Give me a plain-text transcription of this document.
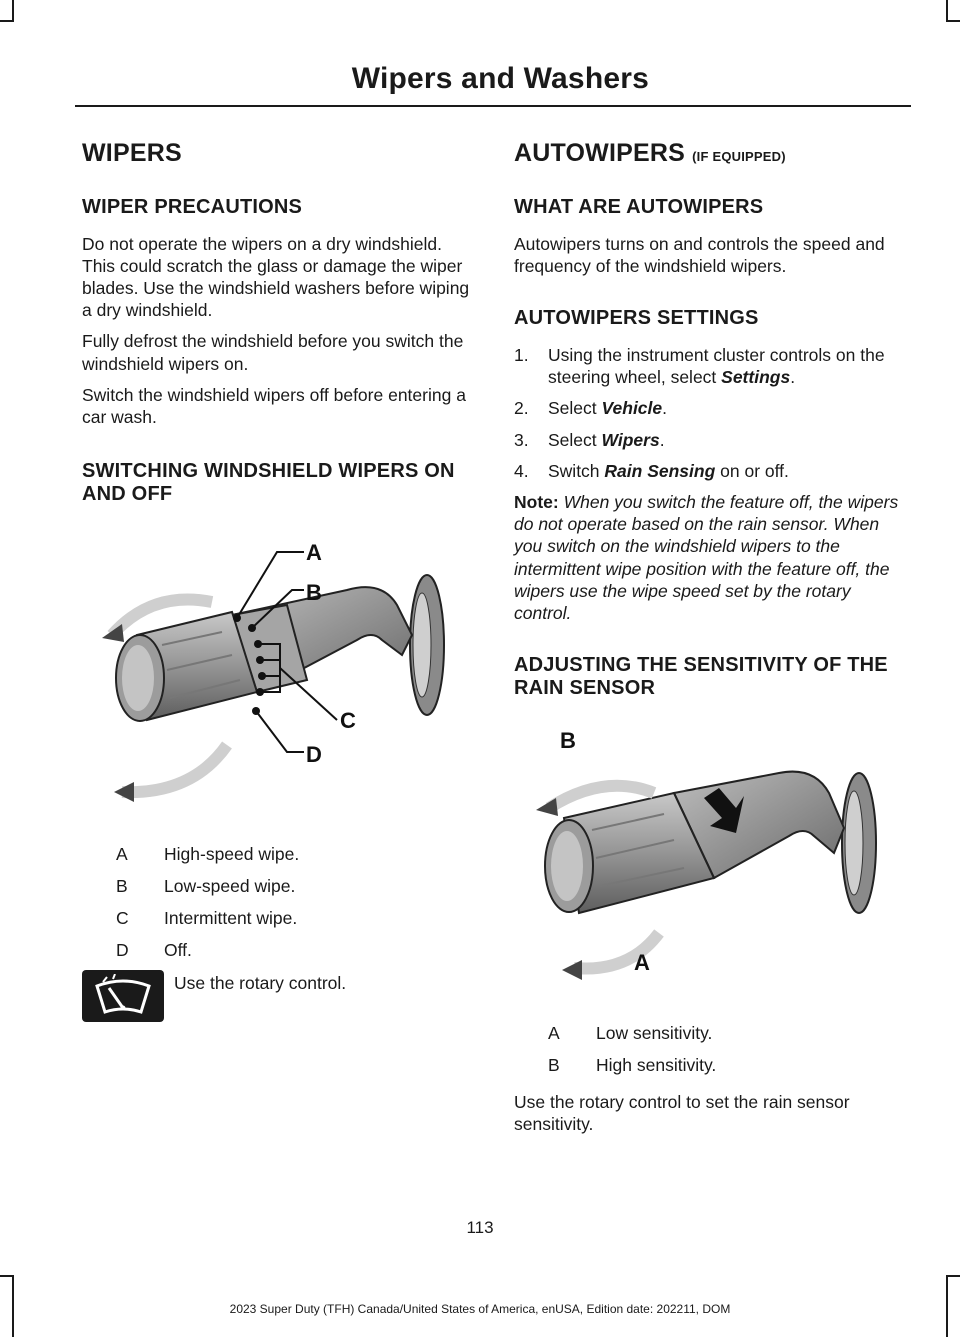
Wipers and Washers
WIPERS
WIPER PRECAUTIONS

Do not operate the wipers on a dry windshield. This could scratch the glass or damage the wiper blades. Use the windshield washers before wiping a dry windshield.

Fully defrost the windshield before you switch the windshield wipers on.

Switch the windshield wipers off before entering a car wash.

SWITCHING WINDSHIELD WIPERS ON AND OFF
A
B
C
D
A	High-speed wipe.
B	Low-speed wipe.
C	Intermittent wipe.
D	Off.

Use the rotary control.

AUTOWIPERS (IF EQUIPPED)
WHAT ARE AUTOWIPERS

Autowipers turns on and controls the speed and frequency of the windshield wipers.

AUTOWIPERS SETTINGS
1.	Using the instrument cluster controls on the steering wheel, select Settings.
2.	Select Vehicle.
3.	Select Wipers.
4.	Switch Rain Sensing on or off.

Note: When you switch the feature off, the wipers do not operate based on the rain sensor. When you switch on the windshield wipers to the intermittent wipe position with the feature off, the wipers use the wipe speed set by the rotary control.

ADJUSTING THE SENSITIVITY OF THE RAIN SENSOR
B
A
A	Low sensitivity.
B	High sensitivity.

Use the rotary control to set the rain sensor sensitivity.

113
2023 Super Duty (TFH) Canada/United States of America, enUSA, Edition date: 202211, DOM
